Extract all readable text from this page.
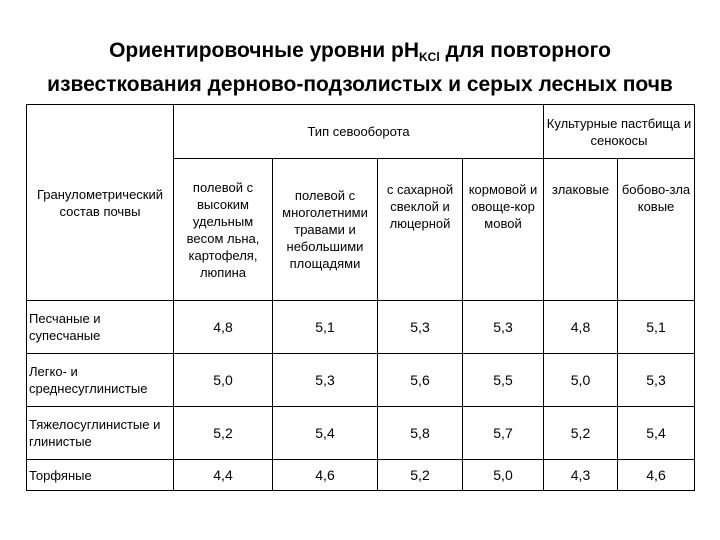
Ориентировочные уровни $pH_{KCl}$ для повторного
известкования дерново-подзолистых и серых лесных почв
Гранулометрический состав почвы	Тип севооборота				Культурные пастбища и сенокосы	
	полевой с высоким удельным весом льна, картофеля, люпина	полевой с многолетними травами и небольшими площадями	с сахарной свеклой и люцерной	кормовой и овоще-кор мовой	злаковые	бобово-зла ковые
Песчаные и супесчаные	4,8	5,1	5,3	5,3	4,8	5,1
Легко- и среднесуглинистые	5,0	5,3	5,6	5,5	5,0	5,3
Тяжелосуглинистые и глинистые	5,2	5,4	5,8	5,7	5,2	5,4
Торфяные	4,4	4,6	5,2	5,0	4,3	4,6
